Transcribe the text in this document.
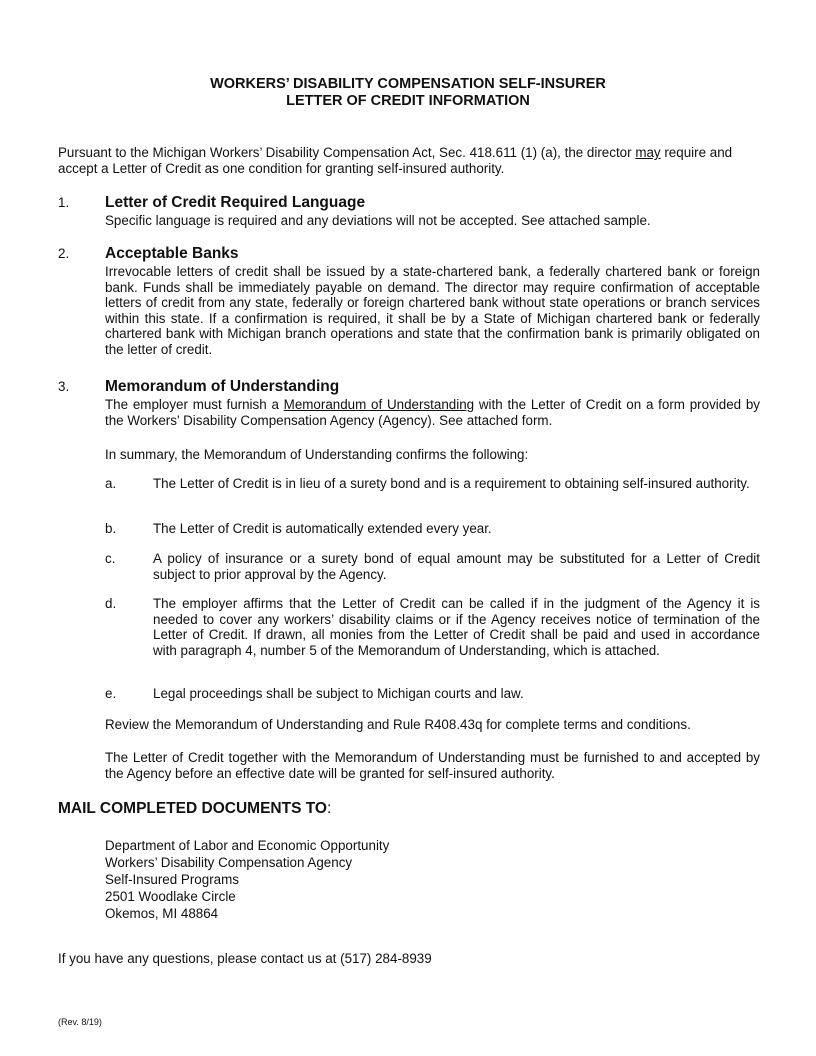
WORKERS’ DISABILITY COMPENSATION SELF-INSURER
LETTER OF CREDIT INFORMATION
Pursuant to the Michigan Workers’ Disability Compensation Act, Sec. 418.611 (1) (a), the director may require and accept a Letter of Credit as one condition for granting self-insured authority.
1. Letter of Credit Required Language
Specific language is required and any deviations will not be accepted. See attached sample.
2. Acceptable Banks
Irrevocable letters of credit shall be issued by a state-chartered bank, a federally chartered bank or foreign bank. Funds shall be immediately payable on demand. The director may require confirmation of acceptable letters of credit from any state, federally or foreign chartered bank without state operations or branch services within this state. If a confirmation is required, it shall be by a State of Michigan chartered bank or federally chartered bank with Michigan branch operations and state that the confirmation bank is primarily obligated on the letter of credit.
3. Memorandum of Understanding
The employer must furnish a Memorandum of Understanding with the Letter of Credit on a form provided by the Workers’ Disability Compensation Agency (Agency). See attached form.
In summary, the Memorandum of Understanding confirms the following:
a.	The Letter of Credit is in lieu of a surety bond and is a requirement to obtaining self-insured authority.
b.	The Letter of Credit is automatically extended every year.
c.	A policy of insurance or a surety bond of equal amount may be substituted for a Letter of Credit subject to prior approval by the Agency.
d.	The employer affirms that the Letter of Credit can be called if in the judgment of the Agency it is needed to cover any workers’ disability claims or if the Agency receives notice of termination of the Letter of Credit. If drawn, all monies from the Letter of Credit shall be paid and used in accordance with paragraph 4, number 5 of the Memorandum of Understanding, which is attached.
e.	Legal proceedings shall be subject to Michigan courts and law.
Review the Memorandum of Understanding and Rule R408.43q for complete terms and conditions.
The Letter of Credit together with the Memorandum of Understanding must be furnished to and accepted by the Agency before an effective date will be granted for self-insured authority.
MAIL COMPLETED DOCUMENTS TO:
Department of Labor and Economic Opportunity
Workers’ Disability Compensation Agency
Self-Insured Programs
2501 Woodlake Circle
Okemos, MI 48864
If you have any questions, please contact us at (517) 284-8939
(Rev. 8/19)
